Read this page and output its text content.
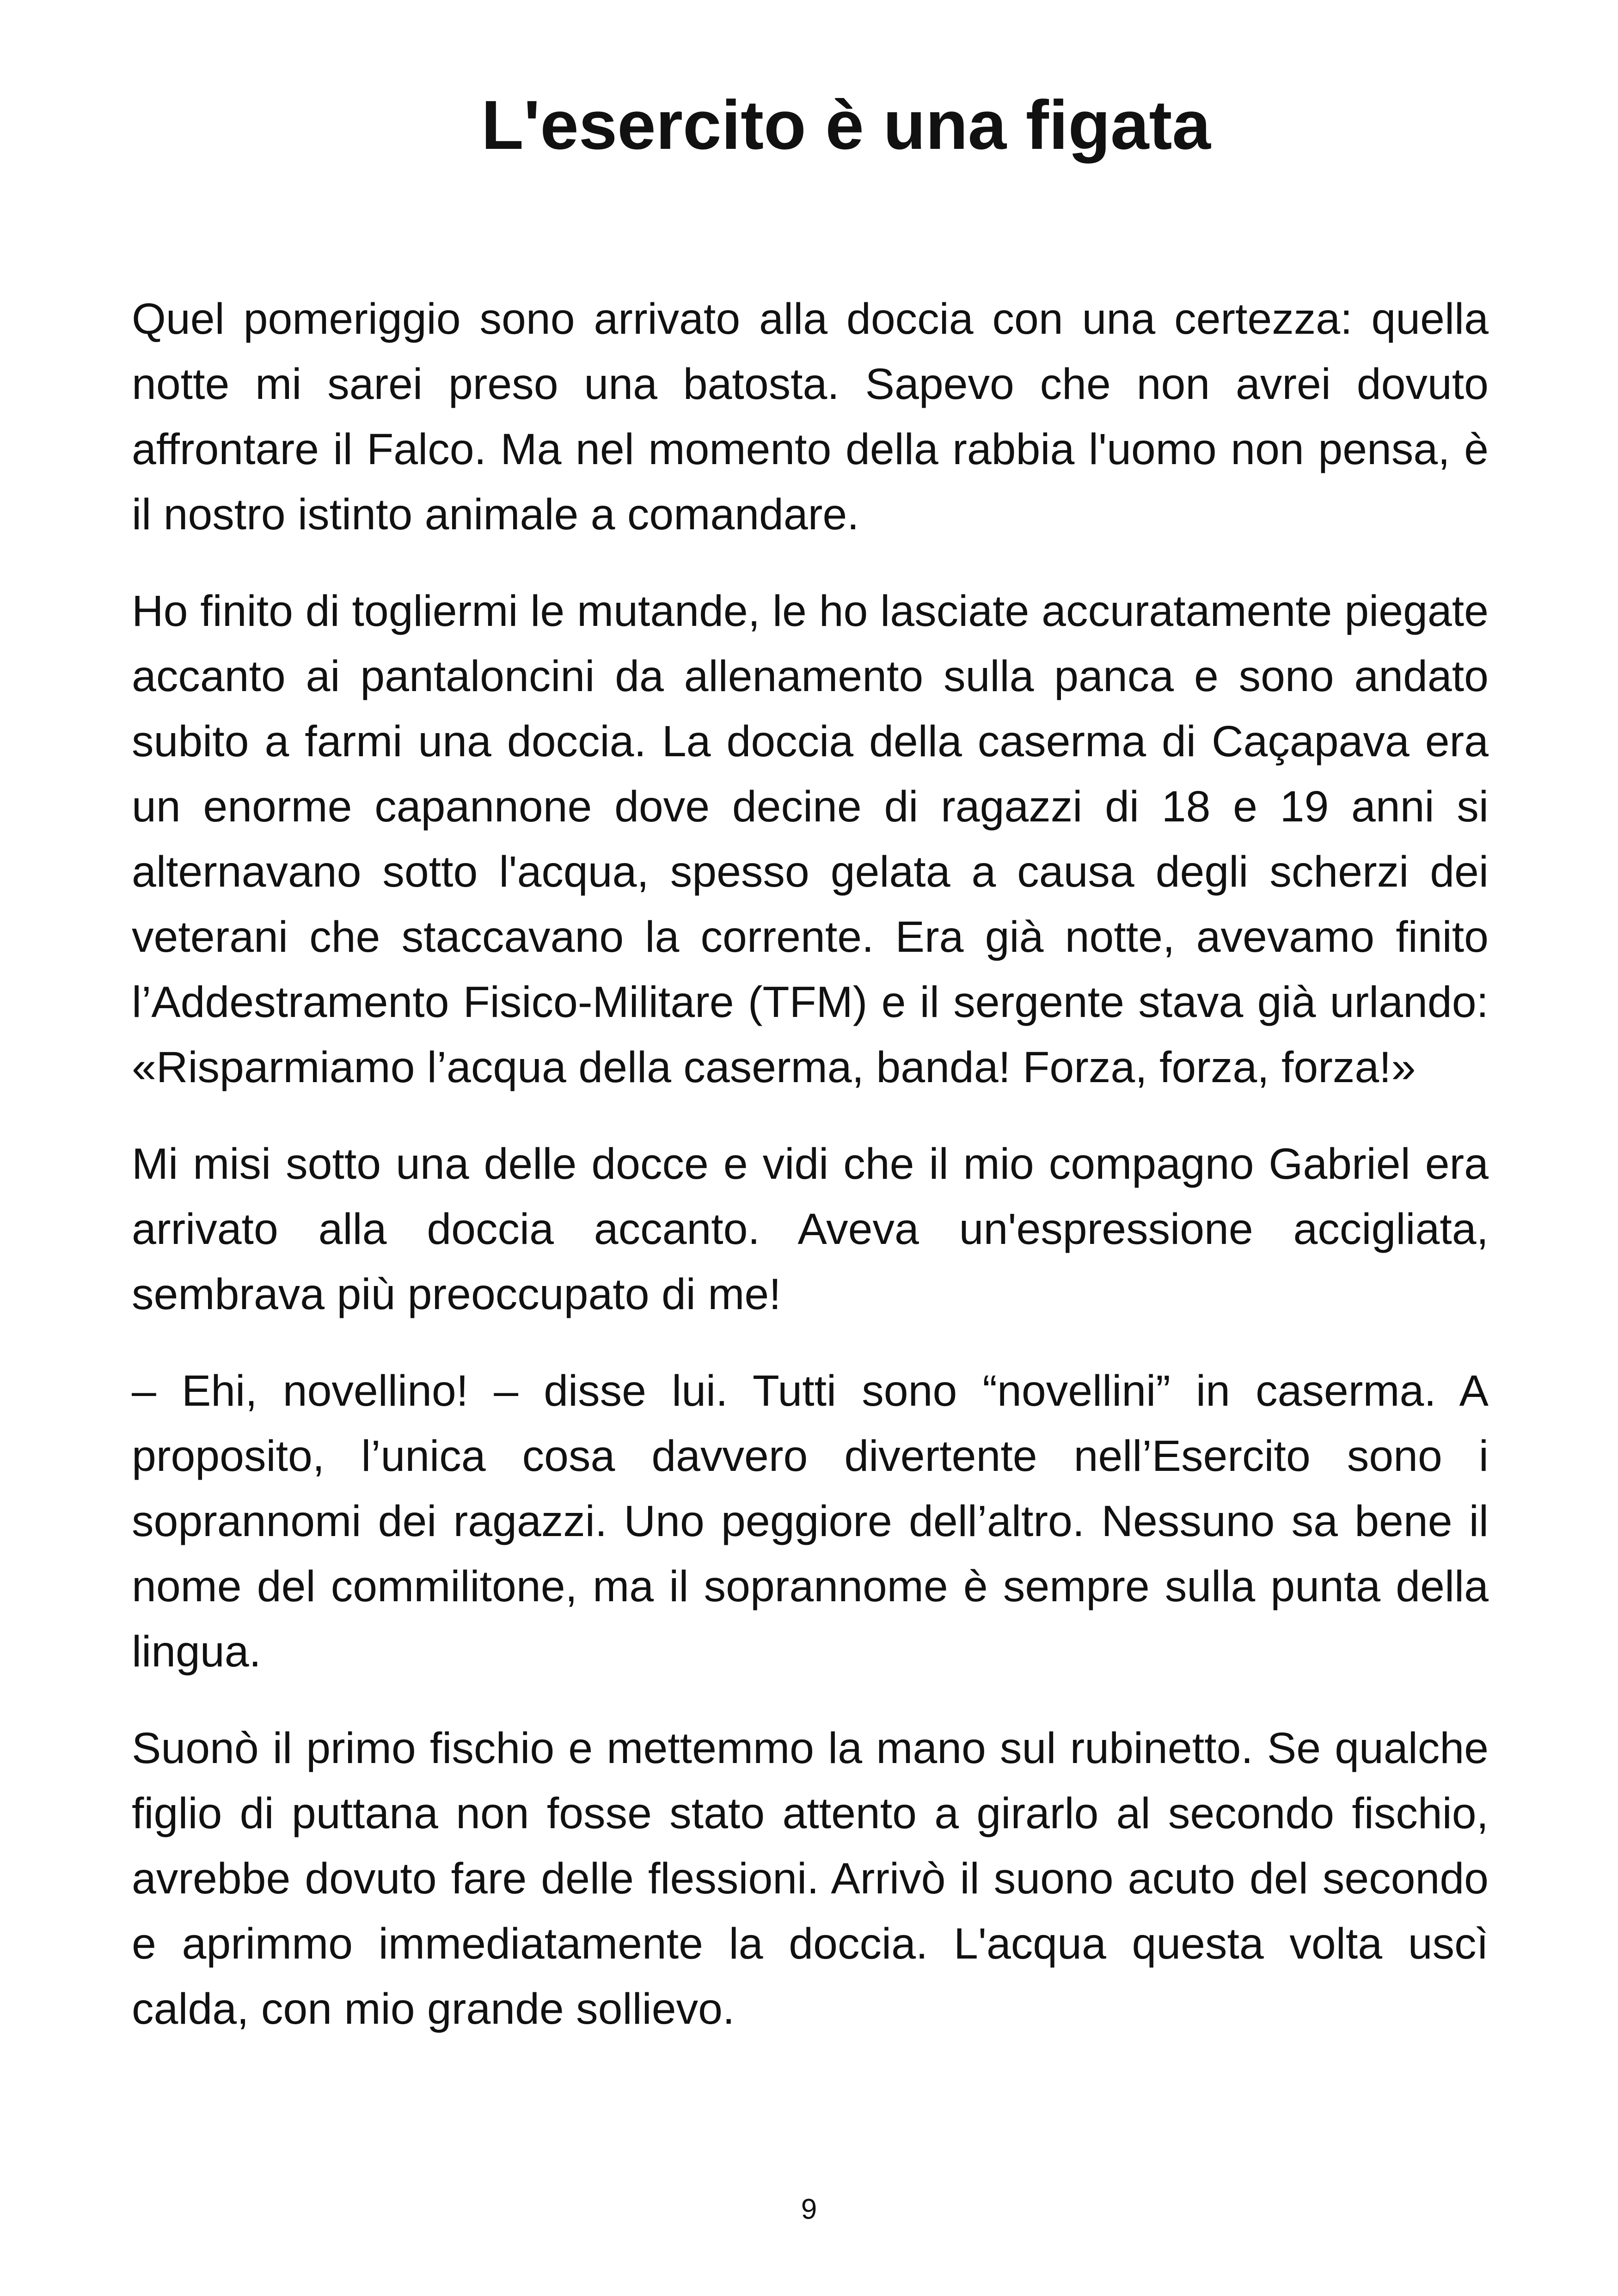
L'esercito è una figata

Quel pomeriggio sono arrivato alla doccia con una certezza: quella notte mi sarei preso una batosta. Sapevo che non avrei dovuto affrontare il Falco. Ma nel momento della rabbia l'uomo non pensa, è il nostro istinto animale a comandare.

Ho finito di togliermi le mutande, le ho lasciate accuratamente piegate accanto ai pantaloncini da allenamento sulla panca e sono andato subito a farmi una doccia. La doccia della caserma di Caçapava era un enorme capannone dove decine di ragazzi di 18 e 19 anni si alternavano sotto l'acqua, spesso gelata a causa degli scherzi dei veterani che staccavano la corrente. Era già notte, avevamo finito l’Addestramento Fisico-Militare (TFM) e il sergente stava già urlando: «Risparmiamo l’acqua della caserma, banda! Forza, forza, forza!»

Mi misi sotto una delle docce e vidi che il mio compagno Gabriel era arrivato alla doccia accanto. Aveva un'espressione accigliata, sembrava più preoccupato di me!

– Ehi, novellino! – disse lui. Tutti sono “novellini” in caserma. A proposito, l’unica cosa davvero divertente nell’Esercito sono i soprannomi dei ragazzi. Uno peggiore dell’altro. Nessuno sa bene il nome del commilitone, ma il soprannome è sempre sulla punta della lingua.

Suonò il primo fischio e mettemmo la mano sul rubinetto. Se qualche figlio di puttana non fosse stato attento a girarlo al secondo fischio, avrebbe dovuto fare delle flessioni. Arrivò il suono acuto del secondo e aprimmo immediatamente la doccia. L'acqua questa volta uscì calda, con mio grande sollievo.

9
